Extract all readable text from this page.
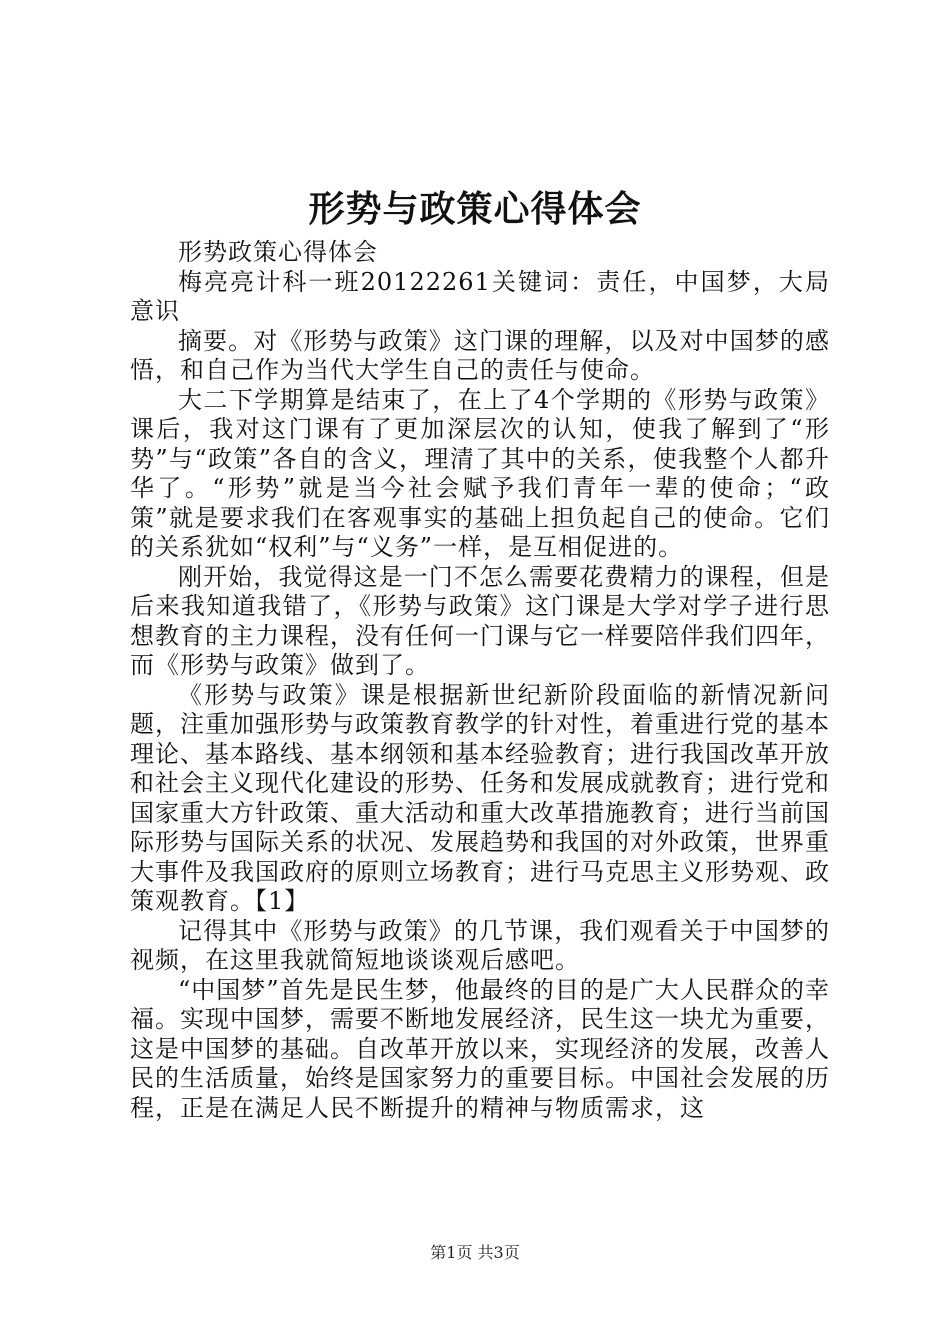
形势与政策心得体会

形势政策心得体会

梅亮亮计科一班20122261关键词：责任，中国梦，大局意识

摘要。对《形势与政策》这门课的理解，以及对中国梦的感悟，和自己作为当代大学生自己的责任与使命。

大二下学期算是结束了，在上了4个学期的《形势与政策》课后，我对这门课有了更加深层次的认知，使我了解到了“形势”与“政策”各自的含义，理清了其中的关系，使我整个人都升华了。“形势”就是当今社会赋予我们青年一辈的使命；“政策”就是要求我们在客观事实的基础上担负起自己的使命。它们的关系犹如“权利”与“义务”一样，是互相促进的。

刚开始，我觉得这是一门不怎么需要花费精力的课程，但是后来我知道我错了，《形势与政策》这门课是大学对学子进行思想教育的主力课程，没有任何一门课与它一样要陪伴我们四年，而《形势与政策》做到了。

《形势与政策》课是根据新世纪新阶段面临的新情况新问题，注重加强形势与政策教育教学的针对性，着重进行党的基本理论、基本路线、基本纲领和基本经验教育；进行我国改革开放和社会主义现代化建设的形势、任务和发展成就教育；进行党和国家重大方针政策、重大活动和重大改革措施教育；进行当前国际形势与国际关系的状况、发展趋势和我国的对外政策，世界重大事件及我国政府的原则立场教育；进行马克思主义形势观、政策观教育。【1】

记得其中《形势与政策》的几节课，我们观看关于中国梦的视频，在这里我就简短地谈谈观后感吧。

“中国梦”首先是民生梦，他最终的目的是广大人民群众的幸福。实现中国梦，需要不断地发展经济，民生这一块尤为重要，这是中国梦的基础。自改革开放以来，实现经济的发展，改善人民的生活质量，始终是国家努力的重要目标。中国社会发展的历程，正是在满足人民不断提升的精神与物质需求，这

第1页 共3页
